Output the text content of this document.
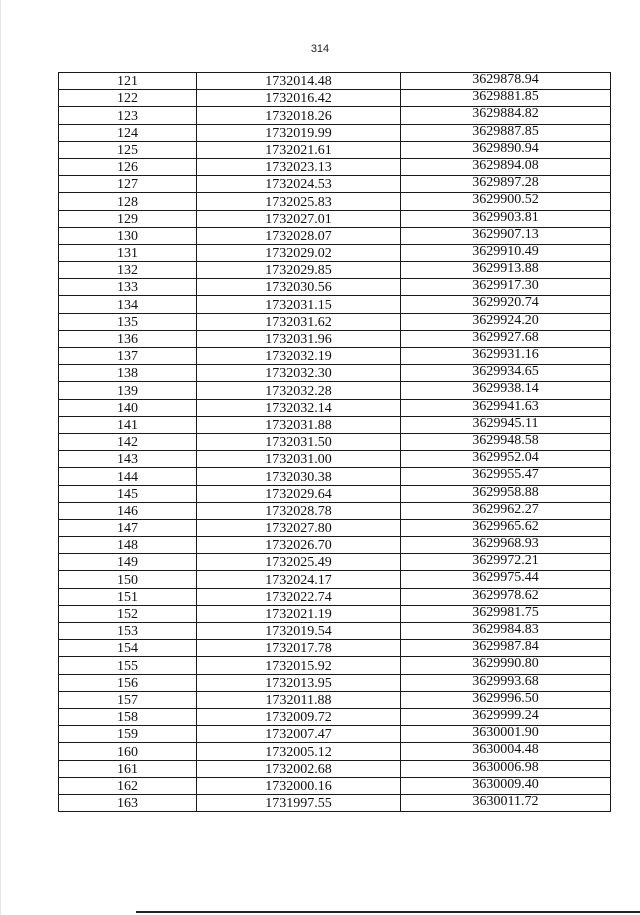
314
121	1732014.48	3629878.94
122	1732016.42	3629881.85
123	1732018.26	3629884.82
124	1732019.99	3629887.85
125	1732021.61	3629890.94
126	1732023.13	3629894.08
127	1732024.53	3629897.28
128	1732025.83	3629900.52
129	1732027.01	3629903.81
130	1732028.07	3629907.13
131	1732029.02	3629910.49
132	1732029.85	3629913.88
133	1732030.56	3629917.30
134	1732031.15	3629920.74
135	1732031.62	3629924.20
136	1732031.96	3629927.68
137	1732032.19	3629931.16
138	1732032.30	3629934.65
139	1732032.28	3629938.14
140	1732032.14	3629941.63
141	1732031.88	3629945.11
142	1732031.50	3629948.58
143	1732031.00	3629952.04
144	1732030.38	3629955.47
145	1732029.64	3629958.88
146	1732028.78	3629962.27
147	1732027.80	3629965.62
148	1732026.70	3629968.93
149	1732025.49	3629972.21
150	1732024.17	3629975.44
151	1732022.74	3629978.62
152	1732021.19	3629981.75
153	1732019.54	3629984.83
154	1732017.78	3629987.84
155	1732015.92	3629990.80
156	1732013.95	3629993.68
157	1732011.88	3629996.50
158	1732009.72	3629999.24
159	1732007.47	3630001.90
160	1732005.12	3630004.48
161	1732002.68	3630006.98
162	1732000.16	3630009.40
163	1731997.55	3630011.72
